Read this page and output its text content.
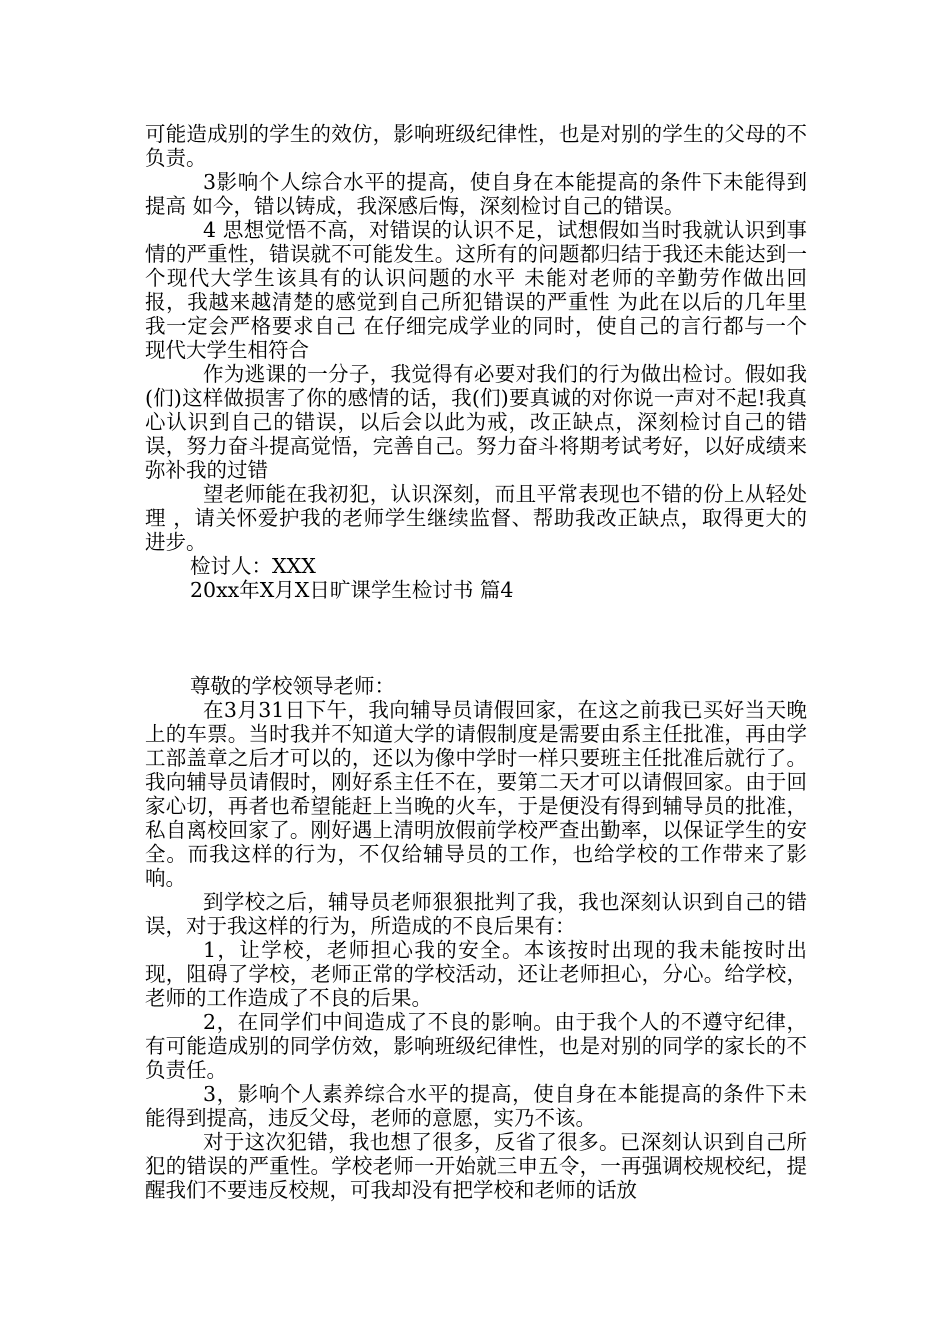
可能造成别的学生的效仿，影响班级纪律性，也是对别的学生的父母的不负责。

3影响个人综合水平的提高，使自身在本能提高的条件下未能得到提高 如今，错以铸成，我深感后悔，深刻检讨自己的错误。

4 思想觉悟不高，对错误的认识不足，试想假如当时我就认识到事情的严重性，错误就不可能发生。这所有的问题都归结于我还未能达到一个现代大学生该具有的认识问题的水平 未能对老师的辛勤劳作做出回报，我越来越清楚的感觉到自己所犯错误的严重性 为此在以后的几年里 我一定会严格要求自己 在仔细完成学业的同时，使自己的言行都与一个现代大学生相符合

作为逃课的一分子，我觉得有必要对我们的行为做出检讨。假如我(们)这样做损害了你的感情的话，我(们)要真诚的对你说一声对不起!我真心认识到自己的错误，以后会以此为戒，改正缺点，深刻检讨自己的错误，努力奋斗提高觉悟，完善自己。努力奋斗将期考试考好，以好成绩来弥补我的过错

望老师能在我初犯，认识深刻，而且平常表现也不错的份上从轻处理 ，请关怀爱护我的老师学生继续监督、帮助我改正缺点，取得更大的进步。

检讨人：XXX

20xx年X月X日旷课学生检讨书 篇4

尊敬的学校领导老师：

在3月31日下午，我向辅导员请假回家，在这之前我已买好当天晚上的车票。当时我并不知道大学的请假制度是需要由系主任批准，再由学工部盖章之后才可以的，还以为像中学时一样只要班主任批准后就行了。我向辅导员请假时，刚好系主任不在，要第二天才可以请假回家。由于回家心切，再者也希望能赶上当晚的火车，于是便没有得到辅导员的批准，私自离校回家了。刚好遇上清明放假前学校严查出勤率，以保证学生的安全。而我这样的行为，不仅给辅导员的工作，也给学校的工作带来了影响。

到学校之后，辅导员老师狠狠批判了我，我也深刻认识到自己的错误，对于我这样的行为，所造成的不良后果有：

1，让学校，老师担心我的安全。本该按时出现的我未能按时出现，阻碍了学校，老师正常的学校活动，还让老师担心，分心。给学校，老师的工作造成了不良的后果。

2，在同学们中间造成了不良的影响。由于我个人的不遵守纪律，有可能造成别的同学仿效，影响班级纪律性，也是对别的同学的家长的不负责任。

3，影响个人素养综合水平的提高，使自身在本能提高的条件下未能得到提高，违反父母，老师的意愿，实乃不该。

对于这次犯错，我也想了很多，反省了很多。已深刻认识到自己所犯的错误的严重性。学校老师一开始就三申五令，一再强调校规校纪，提醒我们不要违反校规，可我却没有把学校和老师的话放
